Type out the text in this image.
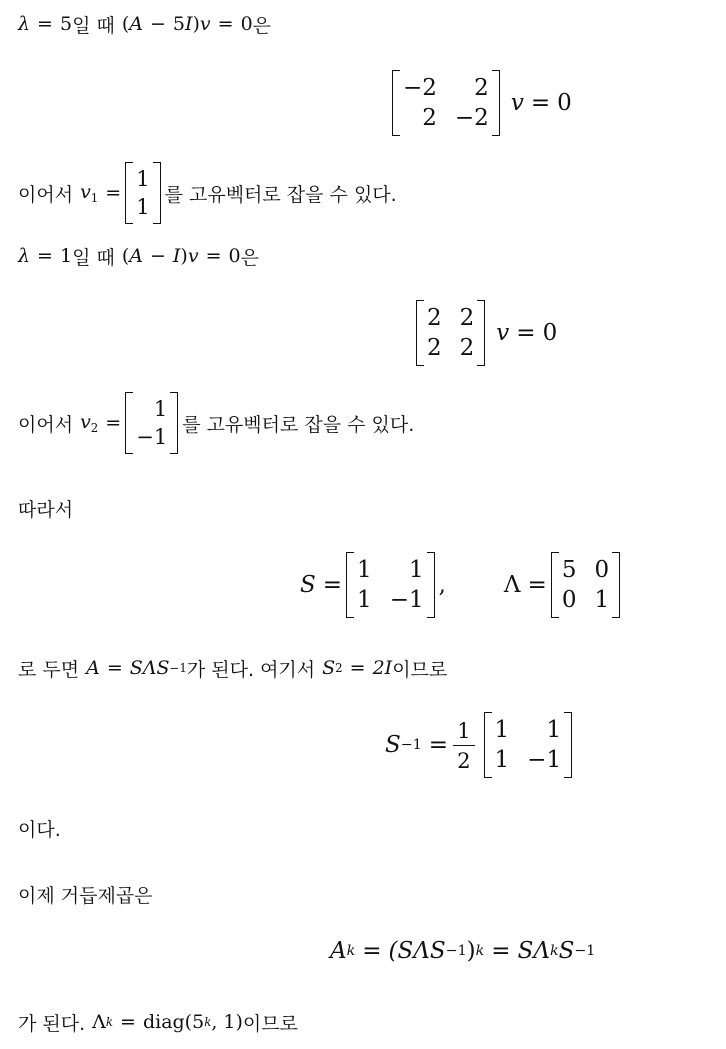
λ = 5 일 때 ( A − 5 I ) v = 0 은
−2	2
2 −2
v = 0
이어서 $v_1$ =
1
1
를 고유벡터로 잡을 수 있다.
λ = 1 일 때 ( A − I ) v = 0 은
2 2
2 2
v = 0
이어서 $v_2$ =
1
−1
를 고유벡터로 잡을 수 있다.
따라서
S =
1	1
1 −1
,	Λ =
5 0
0 1
로 두면 A = SΛS −1 가 된다. 여기서 S 2 = 2I 이므로
$S -1 = \frac{1}{2} 1$	1
1 −1
이다.
이제 거듭제곱은
A k = (SΛS −1 ) k = SΛ k S −1
가 된다. Λ k = diag(5 k , 1) 이므로
